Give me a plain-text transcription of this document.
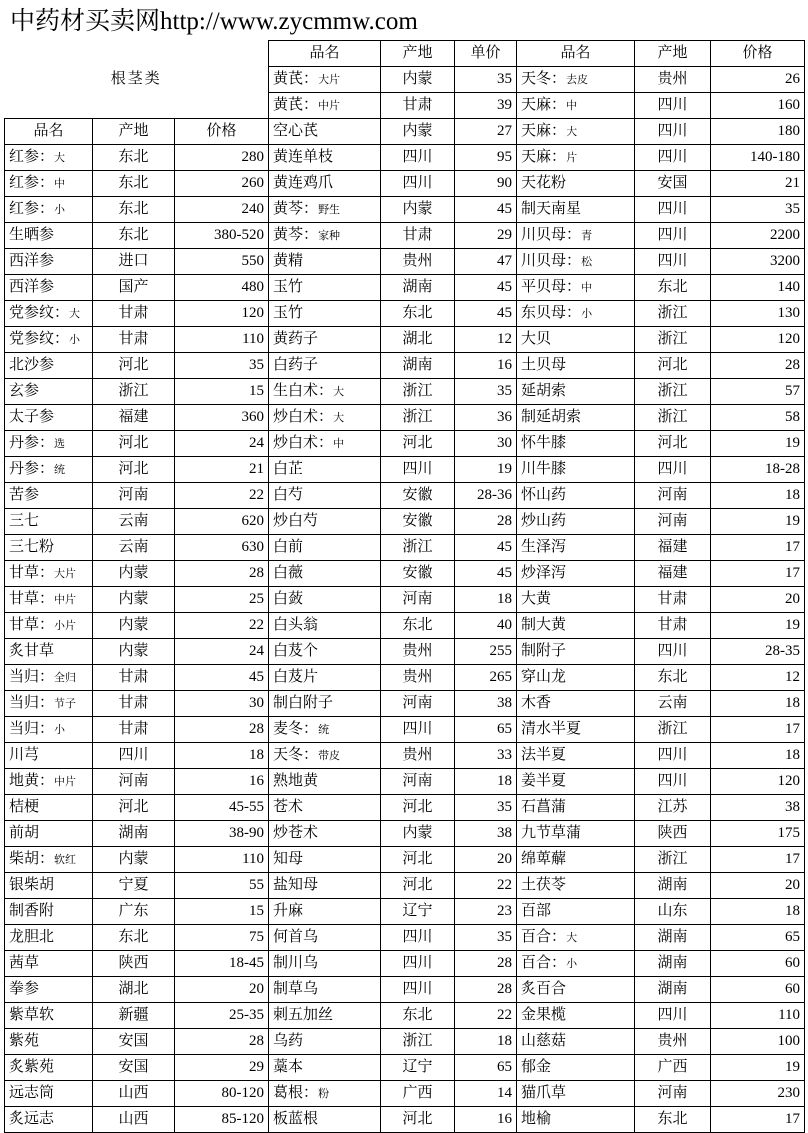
中药材买卖网http://www.zycmmw.com
根茎类			品名	产地	单价	品名	产地	价格
			黄芪：大片	内蒙	35	天冬：去皮	贵州	26
			黄芪：中片	甘肃	39	天麻：中	四川	160
品名	产地	价格	空心芪	内蒙	27	天麻：大	四川	180
红参：大	东北	280	黄连单枝	四川	95	天麻：片	四川	140-180
红参：中	东北	260	黄连鸡爪	四川	90	天花粉	安国	21
红参：小	东北	240	黄芩：野生	内蒙	45	制天南星	四川	35
生晒参	东北	380-520	黄芩：家种	甘肃	29	川贝母：青	四川	2200
西洋参	进口	550	黄精	贵州	47	川贝母：松	四川	3200
西洋参	国产	480	玉竹	湖南	45	平贝母：中	东北	140
党参纹：大	甘肃	120	玉竹	东北	45	东贝母：小	浙江	130
党参纹：小	甘肃	110	黄药子	湖北	12	大贝	浙江	120
北沙参	河北	35	白药子	湖南	16	土贝母	河北	28
玄参	浙江	15	生白术：大	浙江	35	延胡索	浙江	57
太子参	福建	360	炒白术：大	浙江	36	制延胡索	浙江	58
丹参：选	河北	24	炒白术：中	河北	30	怀牛膝	河北	19
丹参：统	河北	21	白芷	四川	19	川牛膝	四川	18-28
苦参	河南	22	白芍	安徽	28-36	怀山药	河南	18
三七	云南	620	炒白芍	安徽	28	炒山药	河南	19
三七粉	云南	630	白前	浙江	45	生泽泻	福建	17
甘草：大片	内蒙	28	白薇	安徽	45	炒泽泻	福建	17
甘草：中片	内蒙	25	白蔹	河南	18	大黄	甘肃	20
甘草：小片	内蒙	22	白头翁	东北	40	制大黄	甘肃	19
炙甘草	内蒙	24	白芨个	贵州	255	制附子	四川	28-35
当归：全归	甘肃	45	白芨片	贵州	265	穿山龙	东北	12
当归：节子	甘肃	30	制白附子	河南	38	木香	云南	18
当归：小	甘肃	28	麦冬：统	四川	65	清水半夏	浙江	17
川芎	四川	18	天冬：带皮	贵州	33	法半夏	四川	18
地黄：中片	河南	16	熟地黄	河南	18	姜半夏	四川	120
桔梗	河北	45-55	苍术	河北	35	石菖蒲	江苏	38
前胡	湖南	38-90	炒苍术	内蒙	38	九节草蒲	陕西	175
柴胡：软红	内蒙	110	知母	河北	20	绵萆薢	浙江	17
银柴胡	宁夏	55	盐知母	河北	22	土茯苓	湖南	20
制香附	广东	15	升麻	辽宁	23	百部	山东	18
龙胆北	东北	75	何首乌	四川	35	百合：大	湖南	65
茜草	陕西	18-45	制川乌	四川	28	百合：小	湖南	60
拳参	湖北	20	制草乌	四川	28	炙百合	湖南	60
紫草软	新疆	25-35	刺五加丝	东北	22	金果榄	四川	110
紫苑	安国	28	乌药	浙江	18	山慈菇	贵州	100
炙紫苑	安国	29	藁本	辽宁	65	郁金	广西	19
远志筒	山西	80-120	葛根：粉	广西	14	猫爪草	河南	230
炙远志	山西	85-120	板蓝根	河北	16	地榆	东北	17
